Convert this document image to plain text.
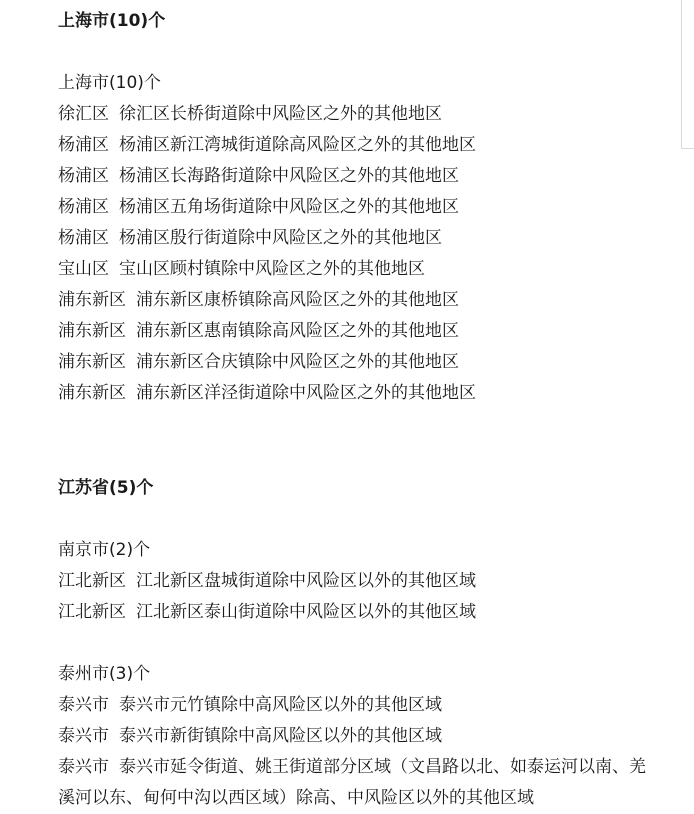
上海市(10)个
上海市(10)个
徐汇区 徐汇区长桥街道除中风险区之外的其他地区
杨浦区 杨浦区新江湾城街道除高风险区之外的其他地区
杨浦区 杨浦区长海路街道除中风险区之外的其他地区
杨浦区 杨浦区五角场街道除中风险区之外的其他地区
杨浦区 杨浦区殷行街道除中风险区之外的其他地区
宝山区 宝山区顾村镇除中风险区之外的其他地区
浦东新区 浦东新区康桥镇除高风险区之外的其他地区
浦东新区 浦东新区惠南镇除高风险区之外的其他地区
浦东新区 浦东新区合庆镇除中风险区之外的其他地区
浦东新区 浦东新区洋泾街道除中风险区之外的其他地区
江苏省(5)个
南京市(2)个
江北新区 江北新区盘城街道除中风险区以外的其他区域
江北新区 江北新区泰山街道除中风险区以外的其他区域
泰州市(3)个
泰兴市 泰兴市元竹镇除中高风险区以外的其他区域
泰兴市 泰兴市新街镇除中高风险区以外的其他区域
泰兴市 泰兴市延令街道、姚王街道部分区域（文昌路以北、如泰运河以南、羌溪河以东、甸何中沟以西区域）除高、中风险区以外的其他区域
